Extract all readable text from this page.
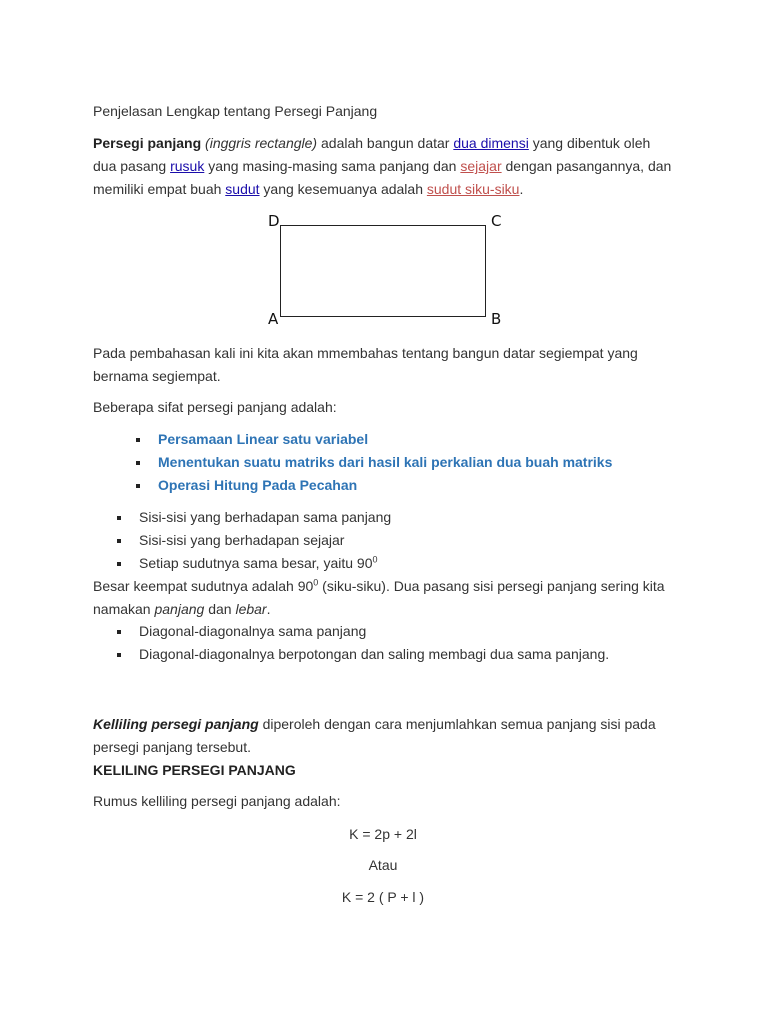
Penjelasan Lengkap tentang Persegi Panjang

Persegi panjang (inggris rectangle) adalah bangun datar dua dimensi yang dibentuk oleh dua pasang rusuk yang masing-masing sama panjang dan sejajar dengan pasangannya, dan memiliki empat buah sudut yang kesemuanya adalah sudut siku-siku.

D	C
A	B

Pada pembahasan kali ini kita akan mmembahas tentang bangun datar segiempat yang bernama segiempat.

Beberapa sifat persegi panjang adalah:

Persamaan Linear satu variabel
Menentukan suatu matriks dari hasil kali perkalian dua buah matriks
Operasi Hitung Pada Pecahan
Sisi-sisi yang berhadapan sama panjang
Sisi-sisi yang berhadapan sejajar
Setiap sudutnya sama besar, yaitu $90^0$

Besar keempat sudutnya adalah $90^0$ (siku-siku). Dua pasang sisi persegi panjang sering kita namakan panjang dan lebar.

Diagonal-diagonalnya sama panjang
Diagonal-diagonalnya berpotongan dan saling membagi dua sama panjang.

Kelliling persegi panjang diperoleh dengan cara menjumlahkan semua panjang sisi pada persegi panjang tersebut.

KELILING PERSEGI PANJANG

Rumus kelliling persegi panjang adalah:

K = 2p + 2l

Atau

K = 2 ( P + l )
